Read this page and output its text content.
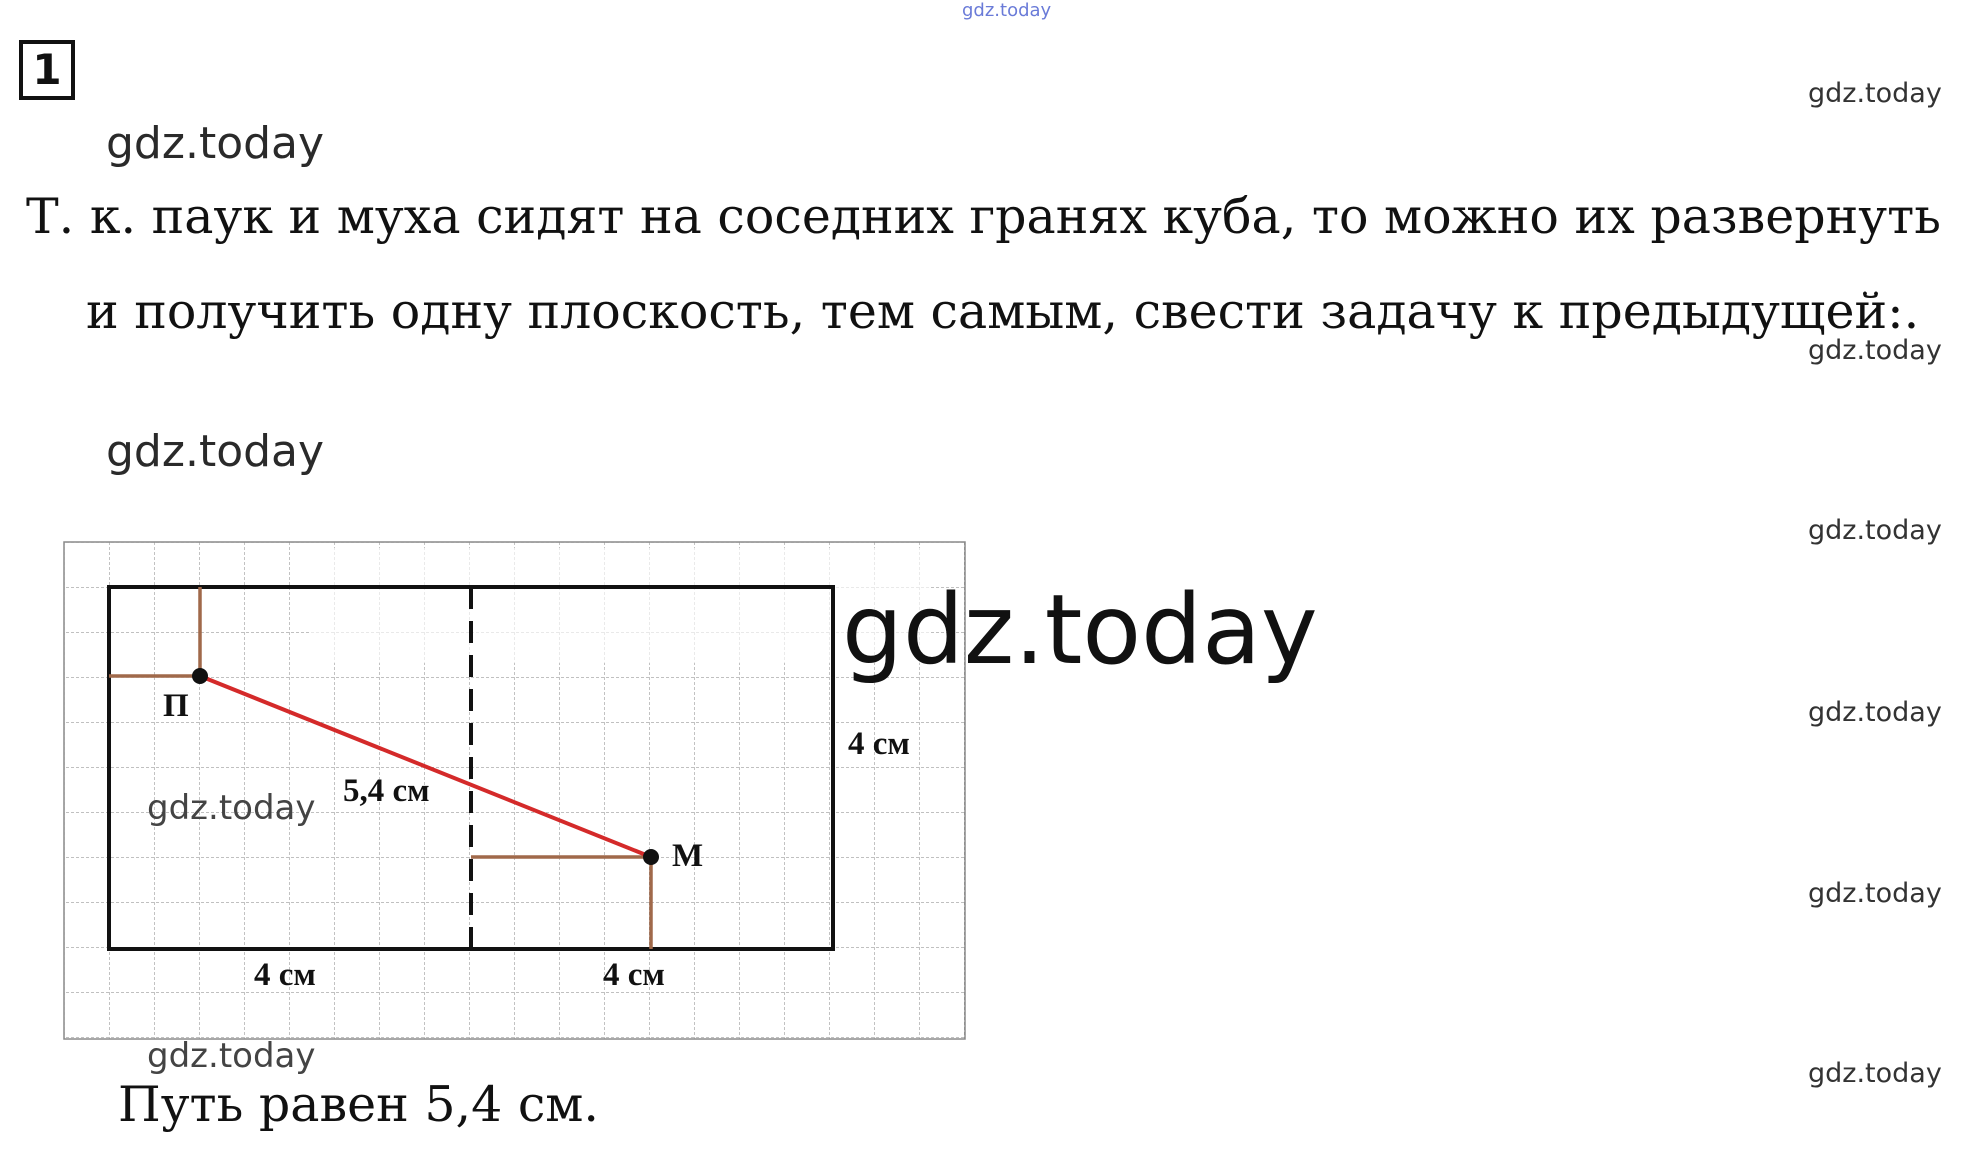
gdz.today
1	gdz.today
gdz.today
gdz.today
gdz.today
gdz.today
gdz.today
gdz.today
gdz.today
Т. к. паук и муха сидят на соседних гранях куба, то можно их развернуть
и получить одну плоскость, тем самым, свести задачу к предыдущей:.
П
М
5,4 см
4 см
4 см	4 см
gdz.today
gdz.today
gdz.today
Путь равен 5,4 см.
